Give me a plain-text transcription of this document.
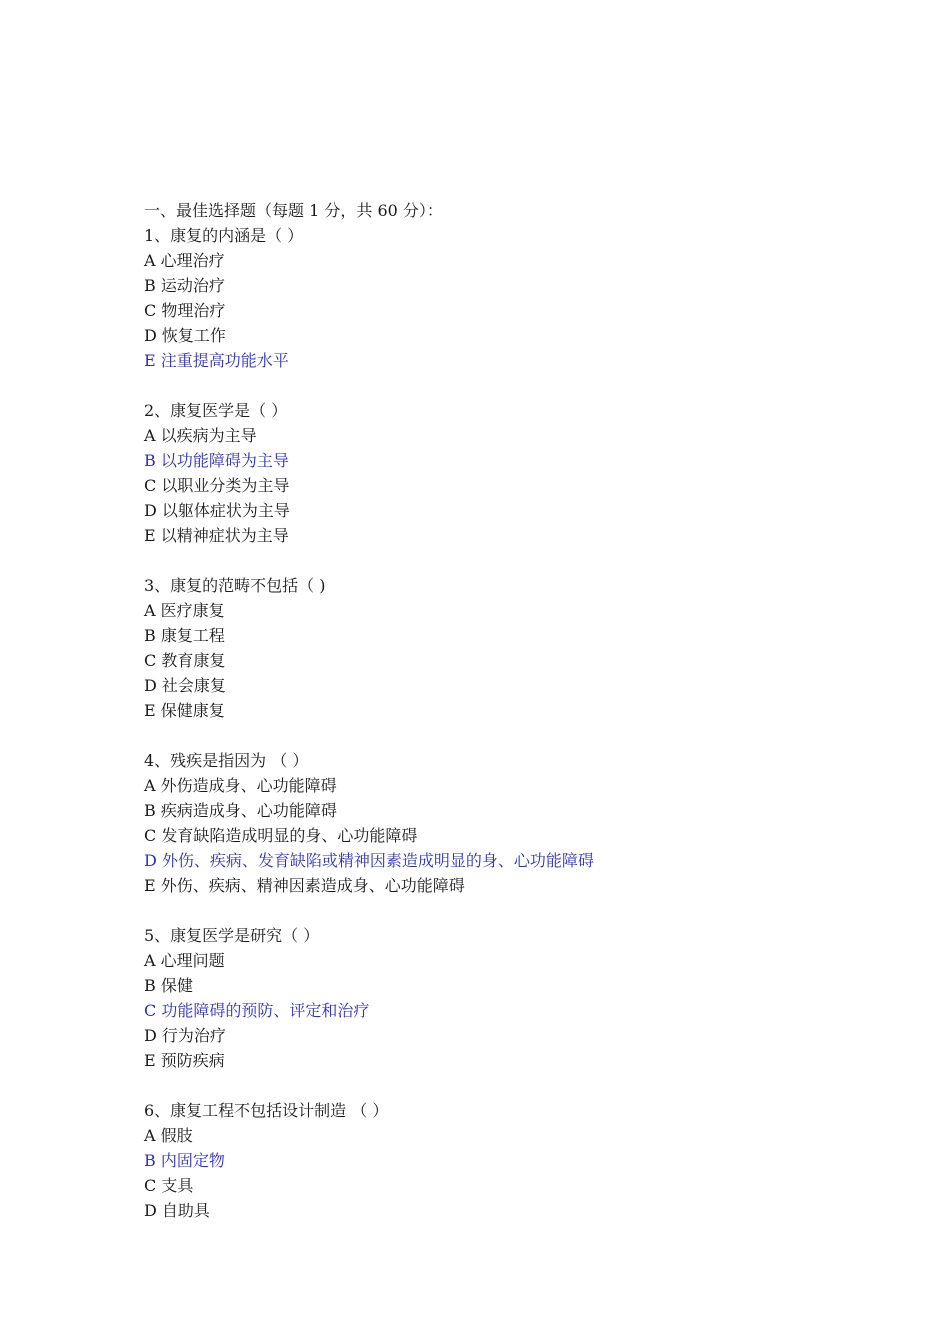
一、最佳选择题（每题 1 分，共 60 分）：
1、康复的内涵是（ ）
A 心理治疗
B 运动治疗
C 物理治疗
D 恢复工作
E 注重提高功能水平
2、康复医学是（ ）
A 以疾病为主导
B 以功能障碍为主导
C 以职业分类为主导
D 以躯体症状为主导
E 以精神症状为主导
3、康复的范畴不包括（ )
A 医疗康复
B 康复工程
C 教育康复
D 社会康复
E 保健康复
4、残疾是指因为 （ ）
A 外伤造成身、心功能障碍
B 疾病造成身、心功能障碍
C 发育缺陷造成明显的身、心功能障碍
D 外伤、疾病、发育缺陷或精神因素造成明显的身、心功能障碍
E 外伤、疾病、精神因素造成身、心功能障碍
5、康复医学是研究（ ）
A 心理问题
B 保健
C 功能障碍的预防、评定和治疗
D 行为治疗
E 预防疾病
6、康复工程不包括设计制造 （ ）
A 假肢
B 内固定物
C 支具
D 自助具
